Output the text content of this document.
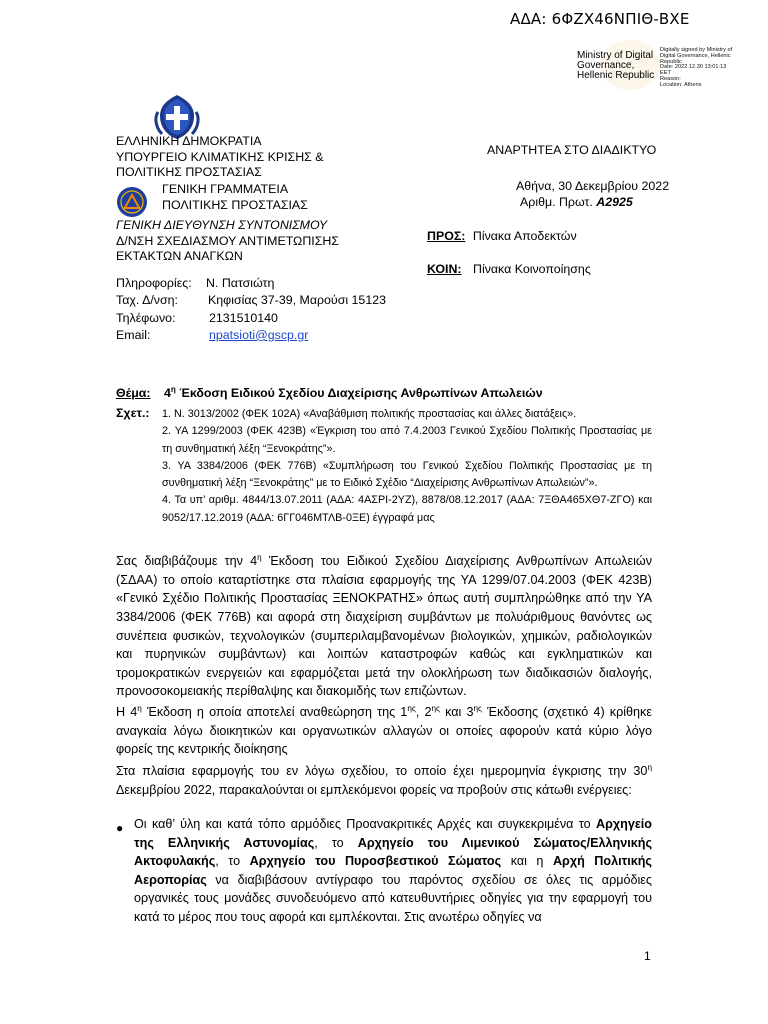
ΑΔΑ: 6ΦΖΧ46ΝΠΙΘ-ΒΧΕ
Ministry of Digital
Governance,
Hellenic Republic
Digitally signed by Ministry of
Digital Governance, Hellenic
Republic
Date: 2022.12.30 13:01:13
EET
Reason:
Location: Athens
ΕΛΛΗΝΙΚΗ ΔΗΜΟΚΡΑΤΙΑ
ΥΠΟΥΡΓΕΙΟ ΚΛΙΜΑΤΙΚΗΣ ΚΡΙΣΗΣ &
ΠΟΛΙΤΙΚΗΣ ΠΡΟΣΤΑΣΙΑΣ
ΓΕΝΙΚΗ ΓΡΑΜΜΑΤΕΙΑ
ΠΟΛΙΤΙΚΗΣ ΠΡΟΣΤΑΣΙΑΣ
ΓΕΝΙΚΗ ΔΙΕΥΘΥΝΣΗ ΣΥΝΤΟΝΙΣΜΟΥ
Δ/ΝΣΗ ΣΧΕΔΙΑΣΜΟΥ ΑΝΤΙΜΕΤΩΠΙΣΗΣ
ΕΚΤΑΚΤΩΝ ΑΝΑΓΚΩΝ
Πληροφορίες: Ν. Πατσιώτη
Ταχ. Δ/νση: Κηφισίας 37-39, Μαρούσι 15123
Τηλέφωνο:	2131510140
Email:	npatsioti@gscp.gr
ΑΝΑΡΤΗΤΕΑ ΣΤΟ ΔΙΑΔΙΚΤΥΟ
Αθήνα, 30 Δεκεμβρίου 2022
Αριθμ. Πρωτ. Α2925
ΠΡΟΣ: Πίνακα Αποδεκτών
ΚΟΙΝ: Πίνακα Κοινοποίησης
Θέμα: $4^\eta$ Έκδοση Ειδικού Σχεδίου Διαχείρισης Ανθρωπίνων Απωλειών
Σχετ.: 1. Ν. 3013/2002 (ΦΕΚ 102Α) «Αναβάθμιση πολιτικής προστασίας και άλλες διατάξεις».
2. ΥΑ 1299/2003 (ΦΕΚ 423Β) «Έγκριση του από 7.4.2003 Γενικού Σχεδίου Πολιτικής Προστασίας με τη συνθηματική λέξη “Ξενοκράτης”».
3. ΥΑ 3384/2006 (ΦΕΚ 776Β) «Συμπλήρωση του Γενικού Σχεδίου Πολιτικής Προστασίας με τη συνθηματική λέξη “Ξενοκράτης” με το Ειδικό Σχέδιο “Διαχείρισης Ανθρωπίνων Απωλειών”».
4. Τα υπ’ αριθμ. 4844/13.07.2011 (ΑΔΑ: 4ΑΣΡΙ-2ΥΖ), 8878/08.12.2017 (ΑΔΑ: 7ΞΘΑ465ΧΘ7-ΖΓΟ) και 9052/17.12.2019 (ΑΔΑ: 6ΓΓ046ΜΤΛΒ-0ΞΕ) έγγραφά μας
Σας διαβιβάζουμε την $4^\eta$ Έκδοση του Ειδικού Σχεδίου Διαχείρισης Ανθρωπίνων Απωλειών (ΣΔΑΑ) το οποίο καταρτίστηκε στα πλαίσια εφαρμογής της ΥΑ 1299/07.04.2003 (ΦΕΚ 423Β) «Γενικό Σχέδιο Πολιτικής Προστασίας ΞΕΝΟΚΡΑΤΗΣ» όπως αυτή συμπληρώθηκε από την ΥΑ 3384/2006 (ΦΕΚ 776Β) και αφορά στη διαχείριση συμβάντων με πολυάριθμους θανόντες ως συνέπεια φυσικών, τεχνολογικών (συμπεριλαμβανομένων βιολογικών, χημικών, ραδιολογικών και πυρηνικών συμβάντων) και λοιπών καταστροφών καθώς και εγκληματικών και τρομοκρατικών ενεργειών και εφαρμόζεται μετά την ολοκλήρωση των διαδικασιών διαλογής, προνοσοκομειακής περίθαλψης και διακομιδής των επιζώντων.
Η $4^\eta$ Έκδοση η οποία αποτελεί αναθεώρηση της $1^{\eta\varsigma}$, $2^{\eta\varsigma}$ και $3^{\eta\varsigma}$ Έκδοσης (σχετικό 4) κρίθηκε αναγκαία λόγω διοικητικών και οργανωτικών αλλαγών οι οποίες αφορούν κατά κύριο λόγο φορείς της κεντρικής διοίκησης
Στα πλαίσια εφαρμογής του εν λόγω σχεδίου, το οποίο έχει ημερομηνία έγκρισης την $30^\eta$ Δεκεμβρίου 2022, παρακαλούνται οι εμπλεκόμενοι φορείς να προβούν στις κάτωθι ενέργειες:
● Οι καθ’ ύλη και κατά τόπο αρμόδιες Προανακριτικές Αρχές και συγκεκριμένα το Αρχηγείο της Ελληνικής Αστυνομίας, το Αρχηγείο του Λιμενικού Σώματος/Ελληνικής Ακτοφυλακής, το Αρχηγείο του Πυροσβεστικού Σώματος και η Αρχή Πολιτικής Αεροπορίας να διαβιβάσουν αντίγραφο του παρόντος σχεδίου σε όλες τις αρμόδιες οργανικές τους μονάδες συνοδευόμενο από κατευθυντήριες οδηγίες για την εφαρμογή του κατά το μέρος που τους αφορά και εμπλέκονται. Στις ανωτέρω οδηγίες να
1
